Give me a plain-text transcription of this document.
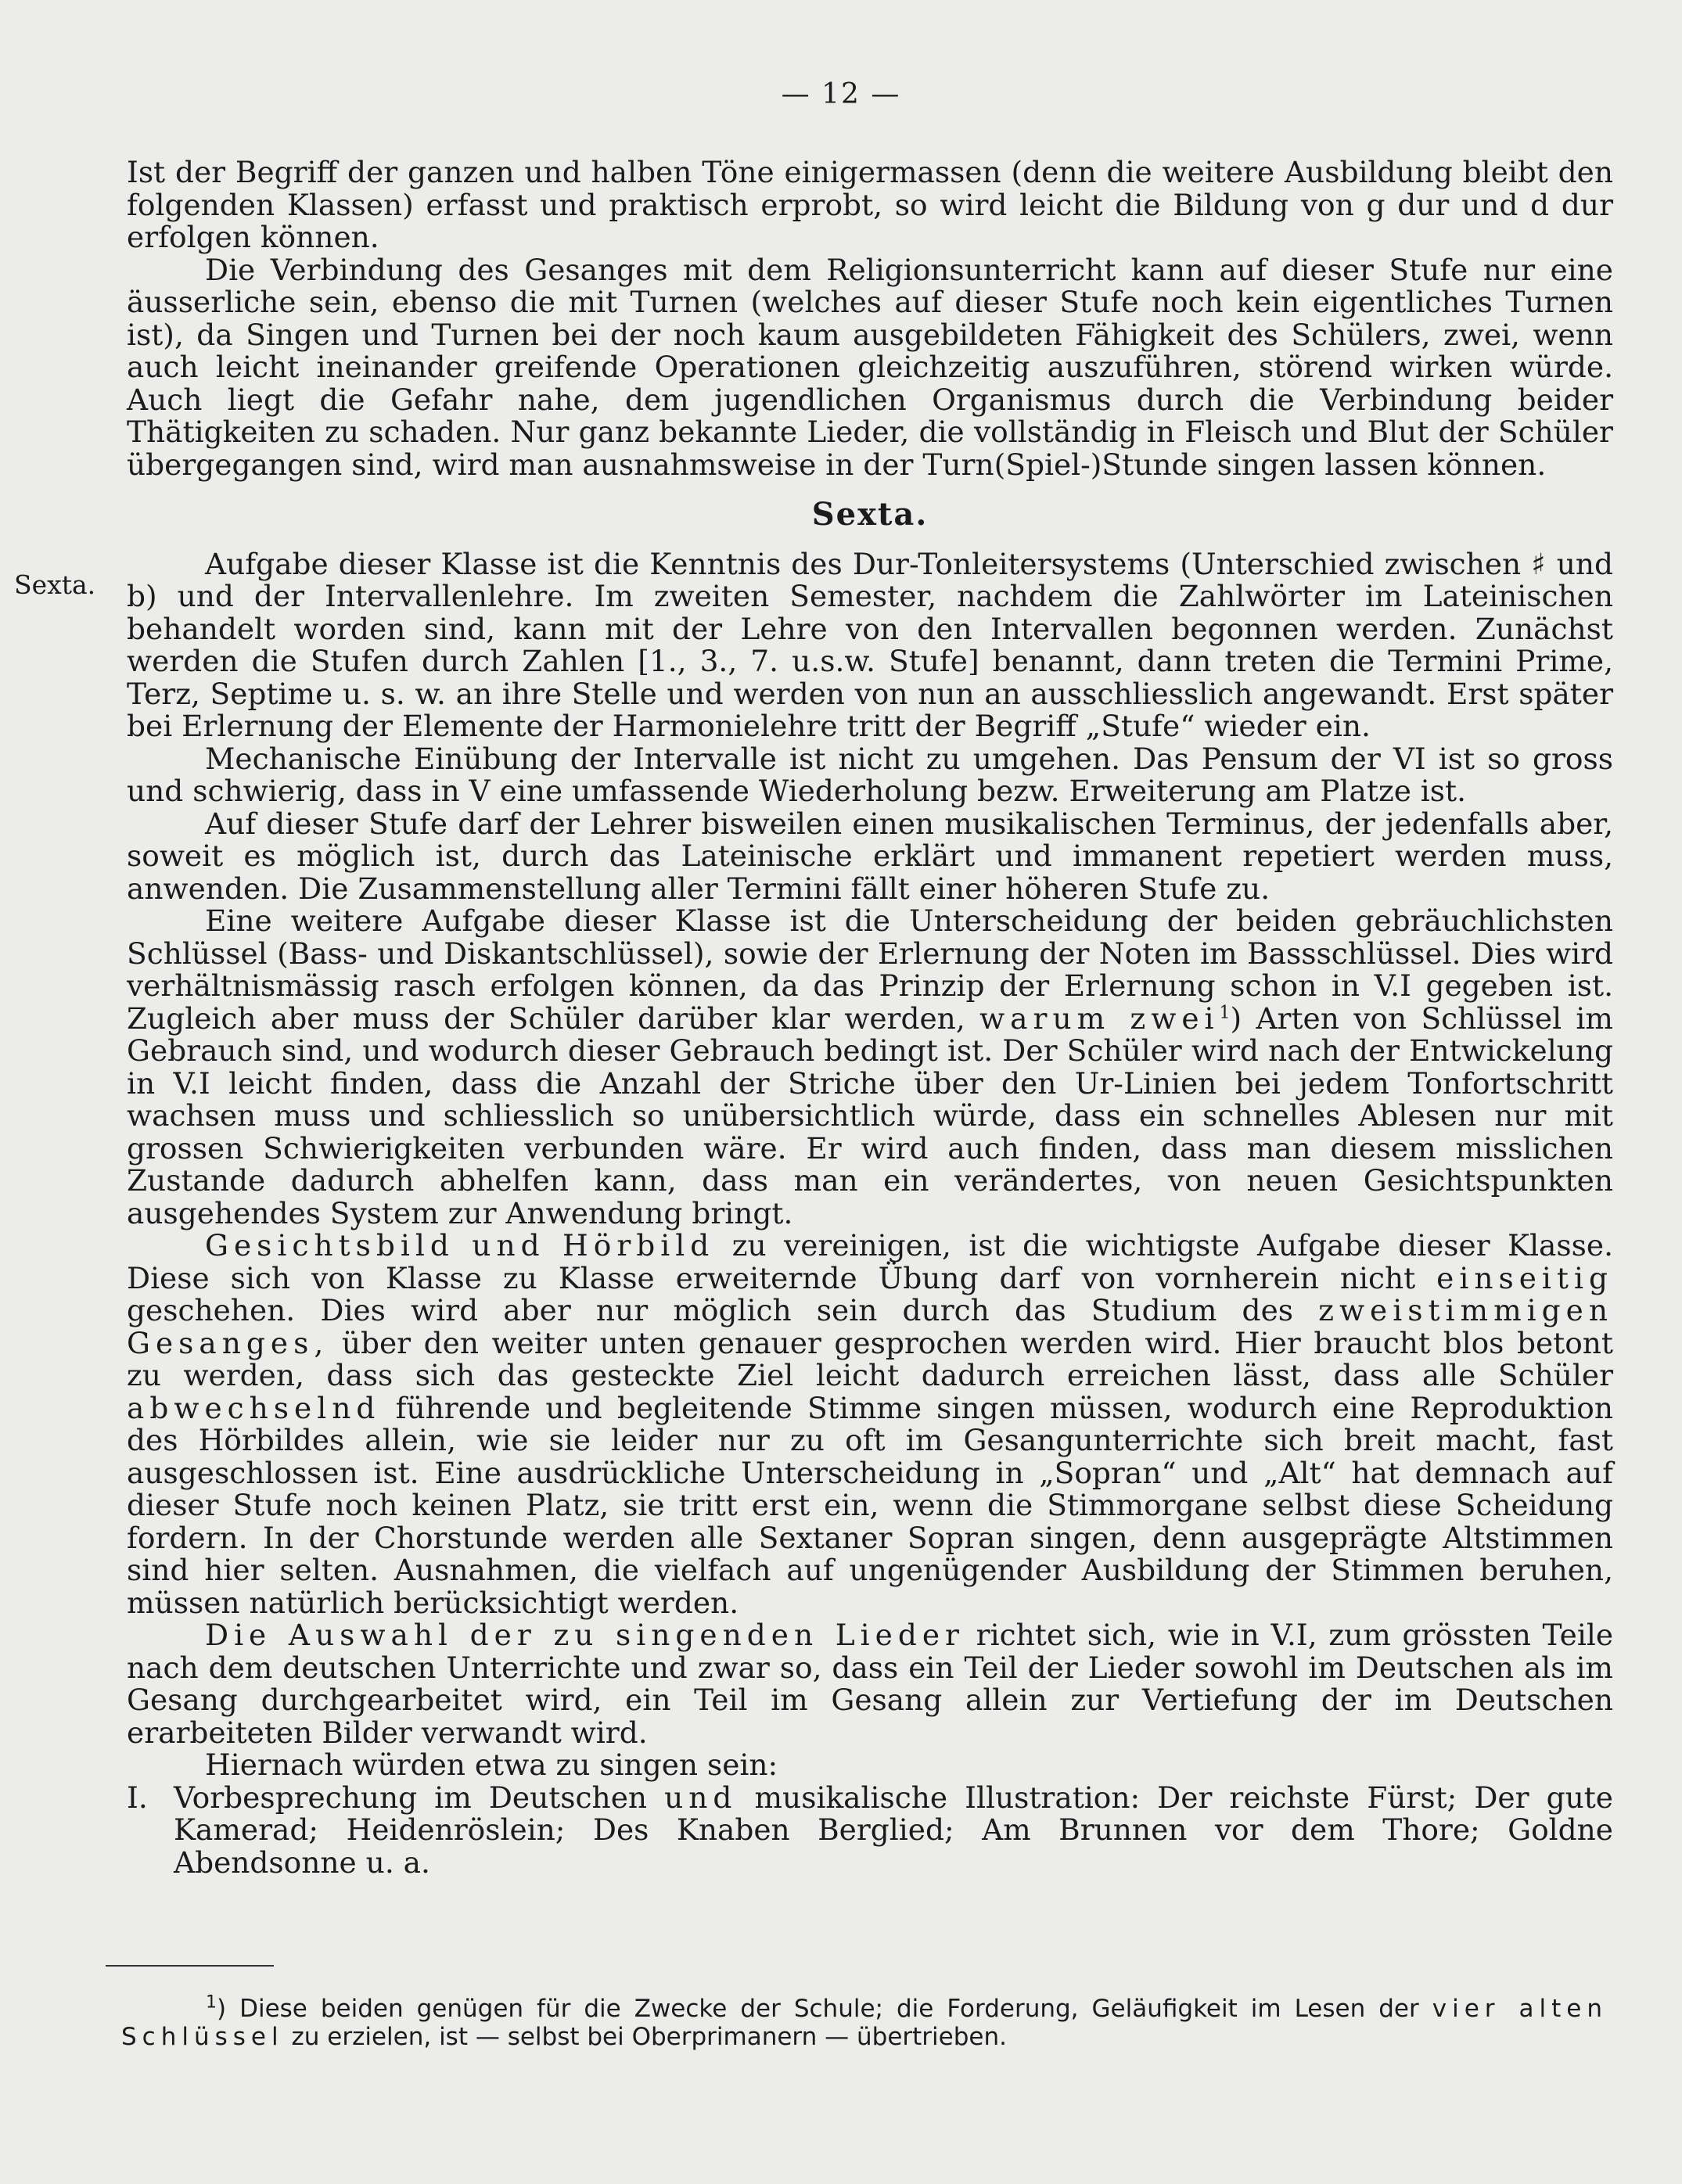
— 12 —
Sexta.

Ist der Begriff der ganzen und halben Töne einigermassen (denn die weitere Ausbildung bleibt den folgenden Klassen) erfasst und praktisch erprobt, so wird leicht die Bildung von g dur und d dur erfolgen können.

Die Verbindung des Gesanges mit dem Religionsunterricht kann auf dieser Stufe nur eine äusserliche sein, ebenso die mit Turnen (welches auf dieser Stufe noch kein eigentliches Turnen ist), da Singen und Turnen bei der noch kaum ausgebildeten Fähigkeit des Schülers, zwei, wenn auch leicht ineinander greifende Operationen gleichzeitig auszuführen, störend wirken würde. Auch liegt die Gefahr nahe, dem jugendlichen Organismus durch die Verbindung beider Thätigkeiten zu schaden. Nur ganz bekannte Lieder, die vollständig in Fleisch und Blut der Schüler übergegangen sind, wird man ausnahmsweise in der Turn(Spiel-)Stunde singen lassen können.

Sexta.

Aufgabe dieser Klasse ist die Kenntnis des Dur-Tonleitersystems (Unterschied zwischen ♯ und b) und der Intervallenlehre. Im zweiten Semester, nachdem die Zahlwörter im Lateinischen behandelt worden sind, kann mit der Lehre von den Intervallen begonnen werden. Zunächst werden die Stufen durch Zahlen [1., 3., 7. u.s.w. Stufe] benannt, dann treten die Termini Prime, Terz, Septime u. s. w. an ihre Stelle und werden von nun an ausschliesslich angewandt. Erst später bei Erlernung der Elemente der Harmonielehre tritt der Begriff „Stufe“ wieder ein.

Mechanische Einübung der Intervalle ist nicht zu umgehen. Das Pensum der VI ist so gross und schwierig, dass in V eine umfassende Wiederholung bezw. Erweiterung am Platze ist.

Auf dieser Stufe darf der Lehrer bisweilen einen musikalischen Terminus, der jedenfalls aber, soweit es möglich ist, durch das Lateinische erklärt und immanent repetiert werden muss, anwenden. Die Zusammenstellung aller Termini fällt einer höheren Stufe zu.

Eine weitere Aufgabe dieser Klasse ist die Unterscheidung der beiden gebräuchlichsten Schlüssel (Bass- und Diskantschlüssel), sowie der Erlernung der Noten im Bassschlüssel. Dies wird verhältnismässig rasch erfolgen können, da das Prinzip der Erlernung schon in V.I gegeben ist. Zugleich aber muss der Schüler darüber klar werden, warum zwei$^1$) Arten von Schlüssel im Gebrauch sind, und wodurch dieser Gebrauch bedingt ist. Der Schüler wird nach der Entwickelung in V.I leicht finden, dass die Anzahl der Striche über den Ur-Linien bei jedem Tonfortschritt wachsen muss und schliesslich so unübersichtlich würde, dass ein schnelles Ablesen nur mit grossen Schwierigkeiten verbunden wäre. Er wird auch finden, dass man diesem misslichen Zustande dadurch abhelfen kann, dass man ein verändertes, von neuen Gesichtspunkten ausgehendes System zur Anwendung bringt.

Gesichtsbild und Hörbild zu vereinigen, ist die wichtigste Aufgabe dieser Klasse. Diese sich von Klasse zu Klasse erweiternde Übung darf von vornherein nicht einseitig geschehen. Dies wird aber nur möglich sein durch das Studium des zweistimmigen Gesanges, über den weiter unten genauer gesprochen werden wird. Hier braucht blos betont zu werden, dass sich das gesteckte Ziel leicht dadurch erreichen lässt, dass alle Schüler abwechselnd führende und begleitende Stimme singen müssen, wodurch eine Reproduktion des Hörbildes allein, wie sie leider nur zu oft im Gesangunterrichte sich breit macht, fast ausgeschlossen ist. Eine ausdrückliche Unterscheidung in „Sopran“ und „Alt“ hat demnach auf dieser Stufe noch keinen Platz, sie tritt erst ein, wenn die Stimmorgane selbst diese Scheidung fordern. In der Chorstunde werden alle Sextaner Sopran singen, denn ausgeprägte Altstimmen sind hier selten. Ausnahmen, die vielfach auf ungenügender Ausbildung der Stimmen beruhen, müssen natürlich berücksichtigt werden.

Die Auswahl der zu singenden Lieder richtet sich, wie in V.I, zum grössten Teile nach dem deutschen Unterrichte und zwar so, dass ein Teil der Lieder sowohl im Deutschen als im Gesang durchgearbeitet wird, ein Teil im Gesang allein zur Vertiefung der im Deutschen erarbeiteten Bilder verwandt wird.

Hiernach würden etwa zu singen sein:

I. Vorbesprechung im Deutschen und musikalische Illustration: Der reichste Fürst; Der gute Kamerad; Heidenröslein; Des Knaben Berglied; Am Brunnen vor dem Thore; Goldne Abendsonne u. a.

$^1$) Diese beiden genügen für die Zwecke der Schule; die Forderung, Geläufigkeit im Lesen der vier alten Schlüssel zu erzielen, ist — selbst bei Oberprimanern — übertrieben.
